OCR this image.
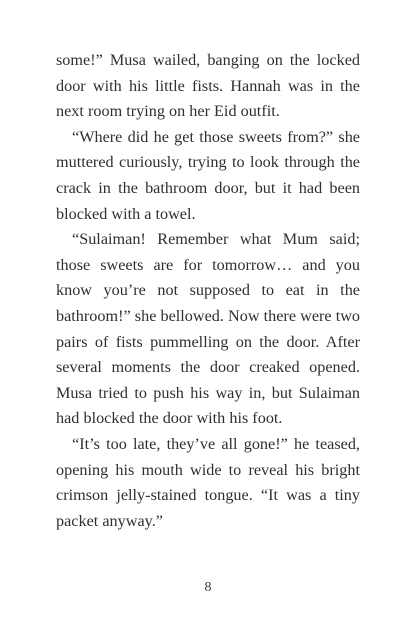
some!” Musa wailed, banging on the locked door with his little fists. Hannah was in the next room trying on her Eid outfit.

“Where did he get those sweets from?” she muttered curiously, trying to look through the crack in the bathroom door, but it had been blocked with a towel.

“Sulaiman! Remember what Mum said; those sweets are for tomorrow… and you know you’re not supposed to eat in the bathroom!” she bellowed. Now there were two pairs of fists pummelling on the door. After several moments the door creaked opened. Musa tried to push his way in, but Sulaiman had blocked the door with his foot.

“It’s too late, they’ve all gone!” he teased, opening his mouth wide to reveal his bright crimson jelly-stained tongue. “It was a tiny packet anyway.”

8
